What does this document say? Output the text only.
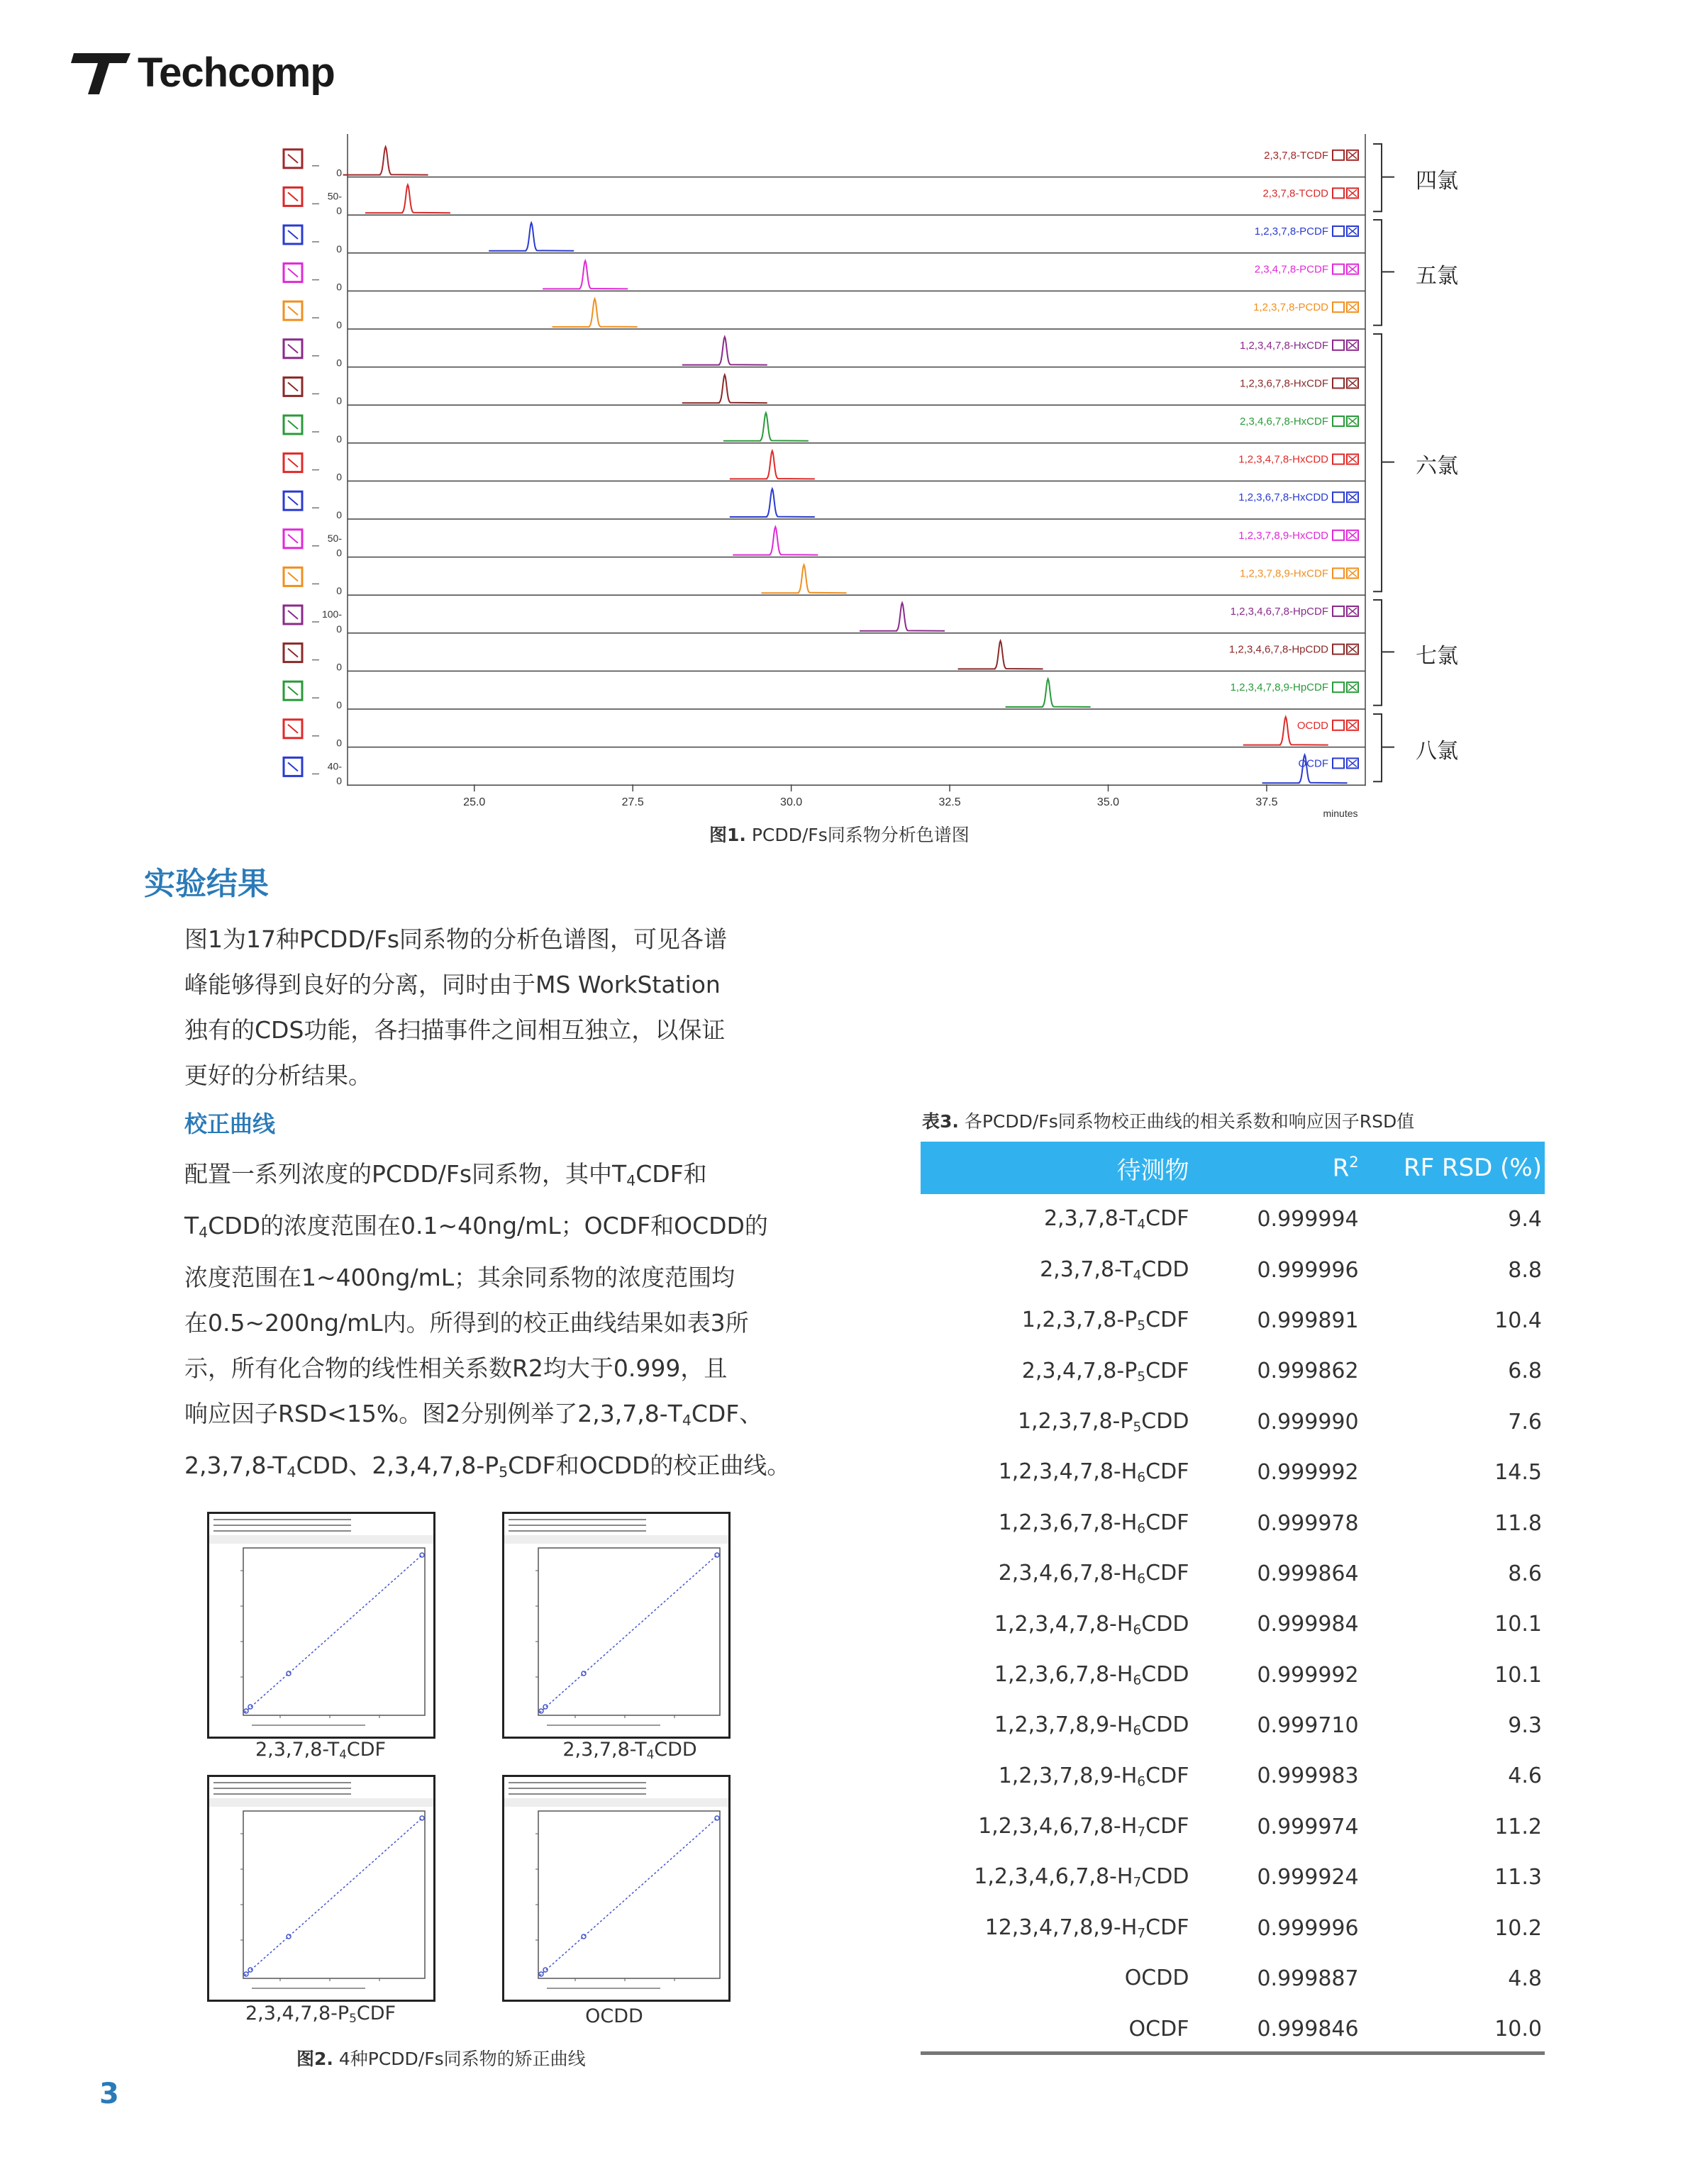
Techcomp
0
2,3,7,8-TCDF
50-
0
2,3,7,8-TCDD
0
1,2,3,7,8-PCDF
0
2,3,4,7,8-PCDF
0
1,2,3,7,8-PCDD
0
1,2,3,4,7,8-HxCDF
0
1,2,3,6,7,8-HxCDF
0
2,3,4,6,7,8-HxCDF
0
1,2,3,4,7,8-HxCDD
0
1,2,3,6,7,8-HxCDD
50-
0
1,2,3,7,8,9-HxCDD
0
1,2,3,7,8,9-HxCDF
100-
0
1,2,3,4,6,7,8-HpCDF
0
1,2,3,4,6,7,8-HpCDD
0
1,2,3,4,7,8,9-HpCDF
0
OCDD
40-
0
OCDF
25.0	27.5	30.0	32.5	35.0	37.5
minutes
四氯
五氯
六氯
七氯
八氯
图1. PCDD/Fs同系物分析色谱图
实验结果

图1为17种PCDD/Fs同系物的分析色谱图，可见各谱
峰能够得到良好的分离，同时由于MS WorkStation
独有的CDS功能，各扫描事件之间相互独立，以保证
更好的分析结果。

校正曲线

配置一系列浓度的PCDD/Fs同系物，其中$T_4CDF$和
$T_4CDD$的浓度范围在0.1~40ng/mL；OCDF和OCDD的
浓度范围在1~400ng/mL；其余同系物的浓度范围均
在0.5~200ng/mL内。所得到的校正曲线结果如表3所
示，所有化合物的线性相关系数R2均大于0.999，且
响应因子RSD<15%。图2分别例举了$2,3,7,8-T_4CDF$、
$2,3,7,8-T_4CDD$、$2,3,4,7,8-P_5CDF$和OCDD的校正曲线。

$2,3,7,8-T_4CDF$	$2,3,7,8-T_4CDD$
$2,3,4,7,8-P_5CDF$	OCDD
图2. 4种PCDD/Fs同系物的矫正曲线
表3. 各PCDD/Fs同系物校正曲线的相关系数和响应因子RSD值
待测物	$R^2$	RF RSD (%)
$2,3,7,8-T_4CDF$	0.999994	9.4
$2,3,7,8-T_4CDD$	0.999996	8.8
$1,2,3,7,8-P_5CDF$	0.999891	10.4
$2,3,4,7,8-P_5CDF$	0.999862	6.8
$1,2,3,7,8-P_5CDD$	0.999990	7.6
$1,2,3,4,7,8-H_6CDF$	0.999992	14.5
$1,2,3,6,7,8-H_6CDF$	0.999978	11.8
$2,3,4,6,7,8-H_6CDF$	0.999864	8.6
$1,2,3,4,7,8-H_6CDD$	0.999984	10.1
$1,2,3,6,7,8-H_6CDD$	0.999992	10.1
$1,2,3,7,8,9-H_6CDD$	0.999710	9.3
$1,2,3,7,8,9-H_6CDF$	0.999983	4.6
$1,2,3,4,6,7,8-H_7CDF$	0.999974	11.2
$1,2,3,4,6,7,8-H_7CDD$	0.999924	11.3
$12,3,4,7,8,9-H_7CDF$	0.999996	10.2
OCDD	0.999887	4.8
OCDF	0.999846	10.0
3
